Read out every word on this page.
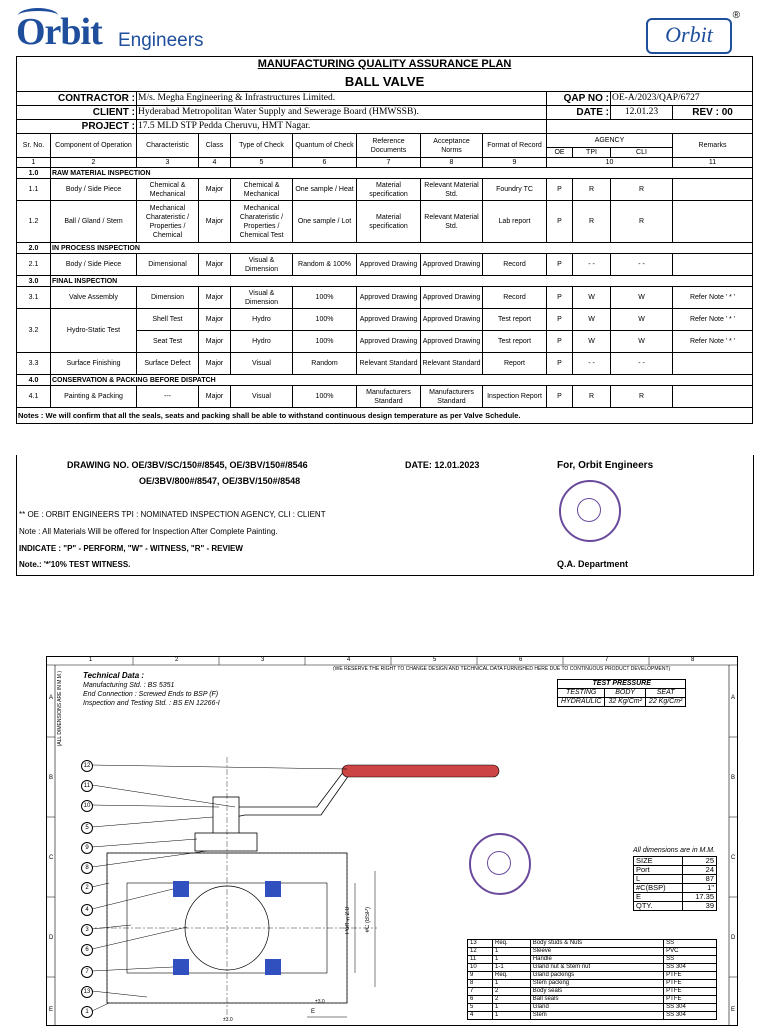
Orbit Engineers
®
Orbit
MANUFACTURING QUALITY ASSURANCE PLAN												
BALL VALVE												
CONTRACTOR :		M/s. Megha Engineering & Infrastructures Limited.							QAP NO :		OE-A/2023/QAP/6727	
CLIENT :		Hyderabad Metropolitan Water Supply and Sewerage Board (HMWSSB).							DATE :		12.01.23	REV : 00
PROJECT :		17.5 MLD STP Pedda Cheruvu, HMT Nagar.										
Sr. No.	Component of Operation	Characteristic	Class	Type of Check	Quantum of Check	Reference Documents	Acceptance Norms	Format of Record	AGENCY			Remarks
									OE	TPI	CLI	
1	2	3	4	5	6	7	8	9	10			11
1.0	RAW MATERIAL INSPECTION											
1.1	Body / Side Piece	Chemical & Mechanical	Major	Chemical & Mechanical	One sample / Heat	Material specification	Relevant Material Std.	Foundry TC	P	R	R	
1.2	Ball / Gland / Stem	Mechanical Charateristic / Properties / Chemical	Major	Mechanical Charateristic / Properties / Chemical Test	One sample / Lot	Material specification	Relevant Material Std.	Lab report	P	R	R	
2.0	IN PROCESS INSPECTION											
2.1	Body / Side Piece	Dimensional	Major	Visual & Dimension	Random & 100%	Approved Drawing	Approved Drawing	Record	P	- -	- -	
3.0	FINAL INSPECTION											
3.1	Valve Assembly	Dimension	Major	Visual & Dimension	100%	Approved Drawing	Approved Drawing	Record	P	W	W	Refer Note ' * '
3.2	Hydro-Static Test	Shell Test	Major	Hydro	100%	Approved Drawing	Approved Drawing	Test report	P	W	W	Refer Note ' * '
		Seat Test	Major	Hydro	100%	Approved Drawing	Approved Drawing	Test report	P	W	W	Refer Note ' * '
3.3	Surface Finishing	Surface Defect	Major	Visual	Random	Relevant Standard	Relevant Standard	Report	P	- -	- -	
4.0	CONSERVATION & PACKING BEFORE DISPATCH											
4.1	Painting & Packing	---	Major	Visual	100%	Manufacturers Standard	Manufacturers Standard	Inspection Report	P	R	R	
Notes : We will confirm that all the seals, seats and packing shall be able to withstand continuous design temperature as per Valve Schedule.												
DRAWING NO. OE/3BV/SC/150#/8545, OE/3BV/150#/8546
OE/3BV/800#/8547, OE/3BV/150#/8548
DATE: 12.01.2023	For, Orbit Engineers
** OE : ORBIT ENGINEERS TPI : NOMINATED INSPECTION AGENCY, CLI : CLIENT
Note : All Materials Will be offered for Inspection After Complete Painting.
INDICATE : "P" - PERFORM, "W" - WITNESS, "R" - REVIEW
Note.: '*'10% TEST WITNESS.	Q.A. Department
1	2	3	4	5	6	7	8
A
B
C
D
E
A
B
C
D
E
(WE RESERVE THE RIGHT TO CHANGE DESIGN AND TECHNICAL DATA FURNISHED HERE DUE TO CONTINUOUS PRODUCT DEVELOPMENT)
(ALL DIMENSIONS ARE IN M.M.)	Technical Data :
Manufacturing Std. : BS 5351
End Connection : Screwed Ends to BSP (F)
Inspection and Testing Std. : BS EN 12266-I
TEST PRESSURE		
TESTING	BODY	SEAT
HYDRAULIC	32 Kg/Cm²	22 Kg/Cm²
All dimensions are in M.M.
SIZE	25
Port	24
L	87
#C(BSP)	1"
E	17.35
QTY.	39
13	Req.	Body studs & Nuts	SS
12	1	Sleeve	PVC
11	1	Handle	SS
10	1-1	Gland nut & Stem nut	SS 304
9	Req.	Gland packings	PTFE
8	1	Stem packing	PTFE
7	2	Body seals	PTFE
6	2	Ball seals	PTFE
5	1	Gland	SS 304
4	1	Stem	SS 304
12
11
10
5
9
8
2
4
3
6
7
13
1
Port ±2.0 #C (BSP)
E
±3.0
±3.0
